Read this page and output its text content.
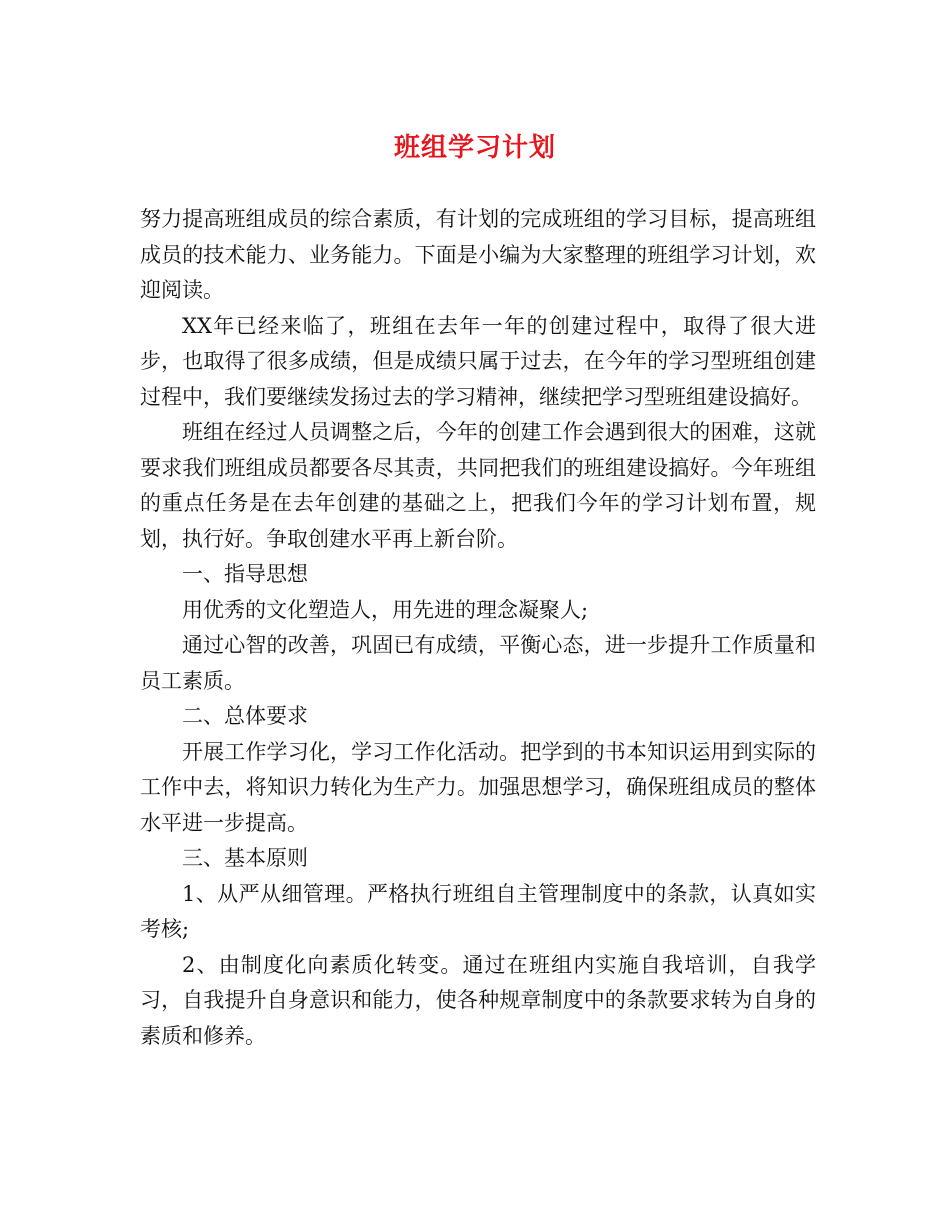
班组学习计划

努力提高班组成员的综合素质，有计划的完成班组的学习目标，提高班组成员的技术能力、业务能力。下面是小编为大家整理的班组学习计划，欢迎阅读。

XX年已经来临了，班组在去年一年的创建过程中，取得了很大进步，也取得了很多成绩，但是成绩只属于过去，在今年的学习型班组创建过程中，我们要继续发扬过去的学习精神，继续把学习型班组建设搞好。

班组在经过人员调整之后，今年的创建工作会遇到很大的困难，这就要求我们班组成员都要各尽其责，共同把我们的班组建设搞好。今年班组的重点任务是在去年创建的基础之上，把我们今年的学习计划布置，规划，执行好。争取创建水平再上新台阶。

一、指导思想

用优秀的文化塑造人，用先进的理念凝聚人;

通过心智的改善，巩固已有成绩，平衡心态，进一步提升工作质量和员工素质。

二、总体要求

开展工作学习化，学习工作化活动。把学到的书本知识运用到实际的工作中去，将知识力转化为生产力。加强思想学习，确保班组成员的整体水平进一步提高。

三、基本原则

1、从严从细管理。严格执行班组自主管理制度中的条款，认真如实考核;

2、由制度化向素质化转变。通过在班组内实施自我培训，自我学习，自我提升自身意识和能力，使各种规章制度中的条款要求转为自身的素质和修养。
